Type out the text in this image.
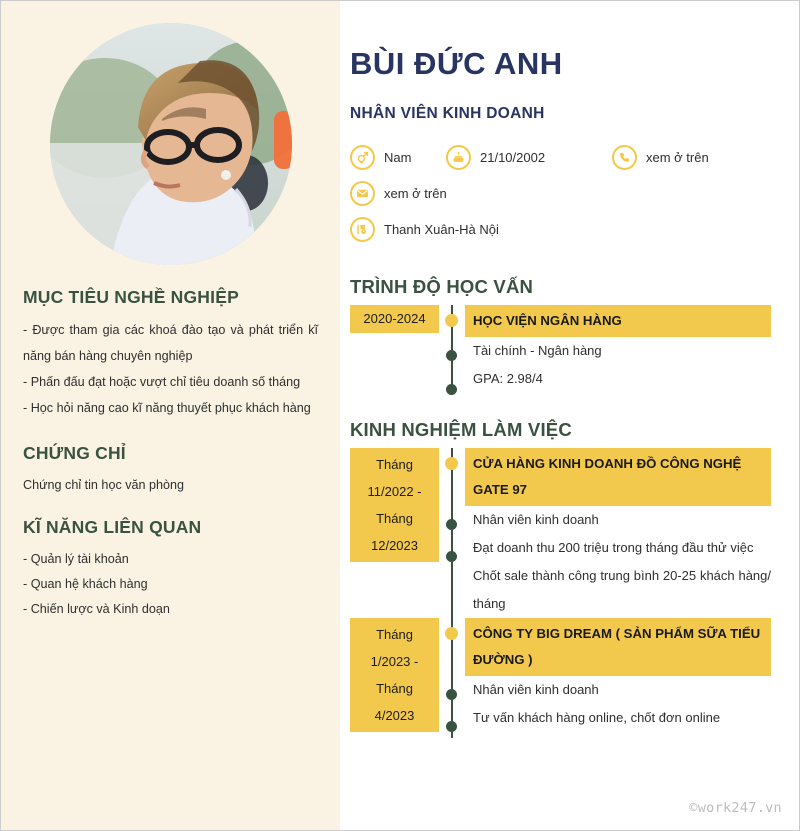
MỤC TIÊU NGHỀ NGHIỆP

- Được tham gia các khoá đào tạo và phát triển kĩ năng bán hàng chuyên nghiệp

- Phấn đấu đạt hoặc vượt chỉ tiêu doanh số tháng

- Học hỏi năng cao kĩ năng thuyết phục khách hàng

CHỨNG CHỈ

Chứng chỉ tin học văn phòng

KĨ NĂNG LIÊN QUAN

- Quản lý tài khoản

- Quan hệ khách hàng

- Chiến lược và Kinh doạn

BÙI ĐỨC ANH
NHÂN VIÊN KINH DOANH
Nam	21/10/2002	xem ở trên
xem ở trên
Thanh Xuân-Hà Nội
TRÌNH ĐỘ HỌC VẤN
2020-2024	HỌC VIỆN NGÂN HÀNG

Tài chính - Ngân hàng

GPA: 2.98/4

KINH NGHIỆM LÀM VIỆC
Tháng 11/2022 - Tháng 12/2023
CỬA HÀNG KINH DOANH ĐỒ CÔNG NGHỆ GATE 97

Nhân viên kinh doanh

Đạt doanh thu 200 triệu trong tháng đầu thử việc

Chốt sale thành công trung bình 20-25 khách hàng/ tháng

Tháng 1/2023 - Tháng 4/2023
CÔNG TY BIG DREAM ( SẢN PHẨM SỮA TIỂU ĐƯỜNG )

Nhân viên kinh doanh

Tư vấn khách hàng online, chốt đơn online

©work247.vn
